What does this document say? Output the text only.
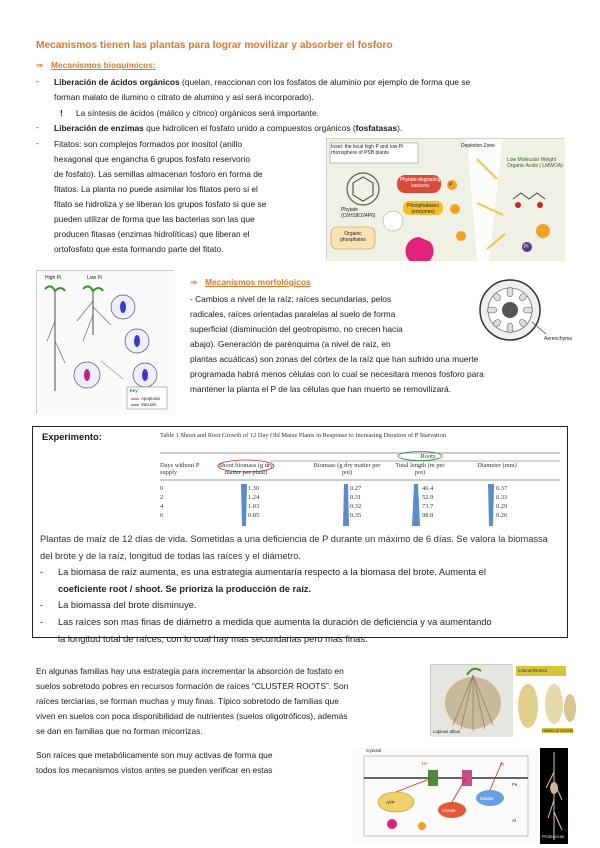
Mecanismos tienen las plantas para lograr movilizar y absorber el fosforo
⇒ Mecanismos bioquímicos:
- Liberación de ácidos orgánicos (quelan, reaccionan con los fosfatos de aluminio por ejemplo de forma que se
forman malato de ilumino o citrato de alumino y así será incorporado).
! La síntesis de ácidos (málico y cítrico) orgánicos será importante.
- Liberación de enzimas que hidrolicen el fosfato unido a compuestos orgánicos (fosfatasas).
- Fitatos: son complejos formados por inositol (anillo
hexagonal que engancha 6 grupos fosfato reservorio
de fosfato). Las semillas almacenan fosforo en forma de
fitatos. La planta no puede asimilar los fitatos pero si el
fitato se hidroliza y se liberan los grupos fosfato si que se
pueden utilizar de forma que las bacterias son las que
producen fitasas (enzimas hidrolíticas) que liberan el
ortofosfato que esta formando parte del fitato.
Inset: the local high P and low Pi rhizosphere of PSB plants
Depletion Zone
Phytate-degrading bacteria
Phytate
(C6H18O24P6)
Phosphatases (enzymes)
Organic phosphates
Low Molecular Weight Organic Acids ( LMWOA)
P
Pi
High Pi	Low Pi
Key:
Apoptosis
Vacuole
⇒ Mecanismos morfológicos
- Cambios a nivel de la raíz: raíces secundarias, pelos
radicales, raíces orientadas paralelas al suelo de forma
superficial (disminución del geotropismo, no crecen hacia
abajo). Generación de parénquima (a nivel de raíz, en
plantas acuáticas) son zonas del córtex de la raíz que han sufrido una muerte
programada habrá menos células con lo cual se necesitara menos fosforo para
mantener la planta el P de las células que han muerto se removilizará.
Aerenchyma
Experimento:	Table 1 Shoot and Root Growth of 12 Day Old Maize Plants in Response to Increasing Duration of P Starvation
Roots
Days without P supply
Shoot biomass (g dry matter per plant)
Biomass (g dry matter per pot)
Total length (m per pot)
Diameter (mm)
0	1.30	0.27	46.4	0.37
2	1.24	0.31	52.9	0.33
4	1.03	0.32	73.7	0.29
6	0.85	0.35	98.8	0.26
Plantas de maíz de 12 días de vida. Sometidas a una deficiencia de P durante un máximo de 6 días. Se valora la biomassa
del brote y de la raíz, longitud de todas las raíces y el diámetro.
- La biomasa de raíz aumenta, es una estrategia aumentaría respecto a la biomasa del brote. Aumenta el
coeficiente root / shoot. Se prioriza la producción de raíz.
- La biomassa del brote disminuye.
- Las raíces son mas finas de diámetro a medida que aumenta la duración de deficiencia y va aumentando
la longitud total de raíces, con lo cual hay mas secundarias pero mas finas.
En algunas familias hay una estrategia para incrementar la absorción de fosfato en
suelos sobretodo pobres en recursos formación de raíces “CLUSTER ROOTS”. Son
raíces terciarias, se forman muchas y muy finas. Típico sobretodo de familias que
viven en suelos con poca disponibilidad de nutrientes (suelos oligotróficos), además
se dan en familias que no forman micorrizas.
Son raíces que metabólicamente son muy activas de forma que
todos los mecanismos vistos antes se pueden verificar en estas
Lupinus albus
cotoneriformes
Hakea prostrata
Cytosol
H+
ATP
Citrate
Malate
Pi
Fe
Al
Proteaceae
